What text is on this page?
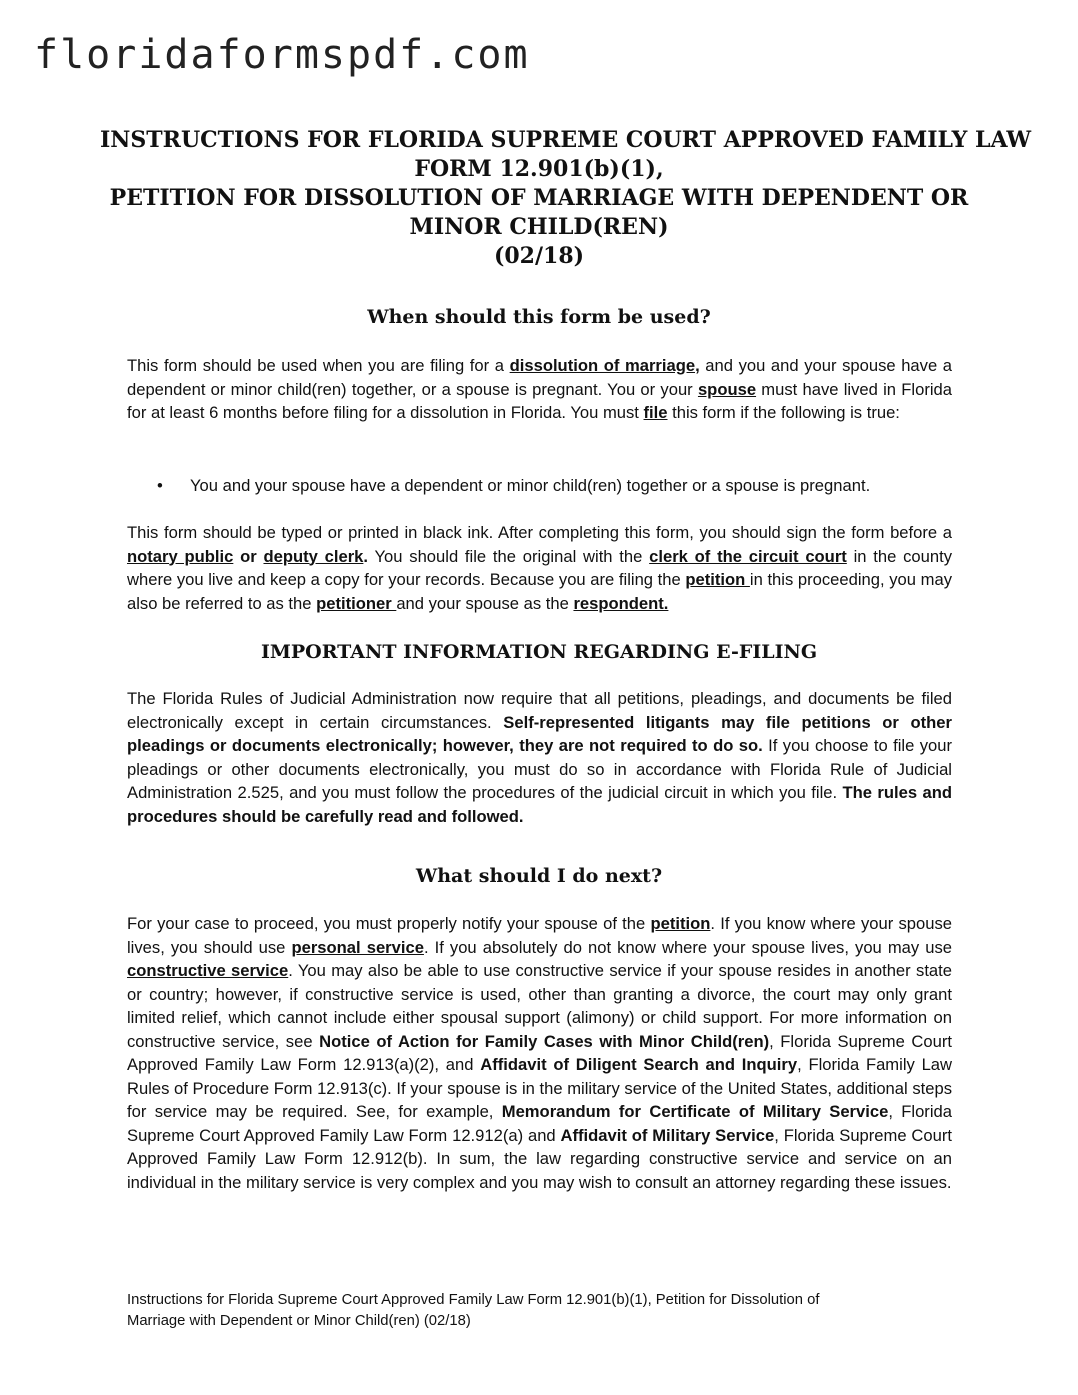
floridaformspdf.com
INSTRUCTIONS FOR FLORIDA SUPREME COURT APPROVED FAMILY LAW
FORM 12.901(b)(1),
PETITION FOR DISSOLUTION OF MARRIAGE WITH DEPENDENT OR
MINOR CHILD(REN)
(02/18)
When should this form be used?
This form should be used when you are filing for a dissolution of marriage, and you and your spouse have a dependent or minor child(ren) together, or a spouse is pregnant. You or your spouse must have lived in Florida for at least 6 months before filing for a dissolution in Florida. You must file this form if the following is true:
• You and your spouse have a dependent or minor child(ren) together or a spouse is pregnant.
This form should be typed or printed in black ink. After completing this form, you should sign the form before a notary public or deputy clerk. You should file the original with the clerk of the circuit court in the county where you live and keep a copy for your records. Because you are filing the petition in this proceeding, you may also be referred to as the petitioner and your spouse as the respondent.
IMPORTANT INFORMATION REGARDING E-FILING
The Florida Rules of Judicial Administration now require that all petitions, pleadings, and documents be filed electronically except in certain circumstances. Self-represented litigants may file petitions or other pleadings or documents electronically; however, they are not required to do so. If you choose to file your pleadings or other documents electronically, you must do so in accordance with Florida Rule of Judicial Administration 2.525, and you must follow the procedures of the judicial circuit in which you file. The rules and procedures should be carefully read and followed.
What should I do next?
For your case to proceed, you must properly notify your spouse of the petition. If you know where your spouse lives, you should use personal service. If you absolutely do not know where your spouse lives, you may use constructive service. You may also be able to use constructive service if your spouse resides in another state or country; however, if constructive service is used, other than granting a divorce, the court may only grant limited relief, which cannot include either spousal support (alimony) or child support. For more information on constructive service, see Notice of Action for Family Cases with Minor Child(ren), Florida Supreme Court Approved Family Law Form 12.913(a)(2), and Affidavit of Diligent Search and Inquiry, Florida Family Law Rules of Procedure Form 12.913(c). If your spouse is in the military service of the United States, additional steps for service may be required. See, for example, Memorandum for Certificate of Military Service, Florida Supreme Court Approved Family Law Form 12.912(a) and Affidavit of Military Service, Florida Supreme Court Approved Family Law Form 12.912(b). In sum, the law regarding constructive service and service on an individual in the military service is very complex and you may wish to consult an attorney regarding these issues.
Instructions for Florida Supreme Court Approved Family Law Form 12.901(b)(1), Petition for Dissolution of
Marriage with Dependent or Minor Child(ren) (02/18)
